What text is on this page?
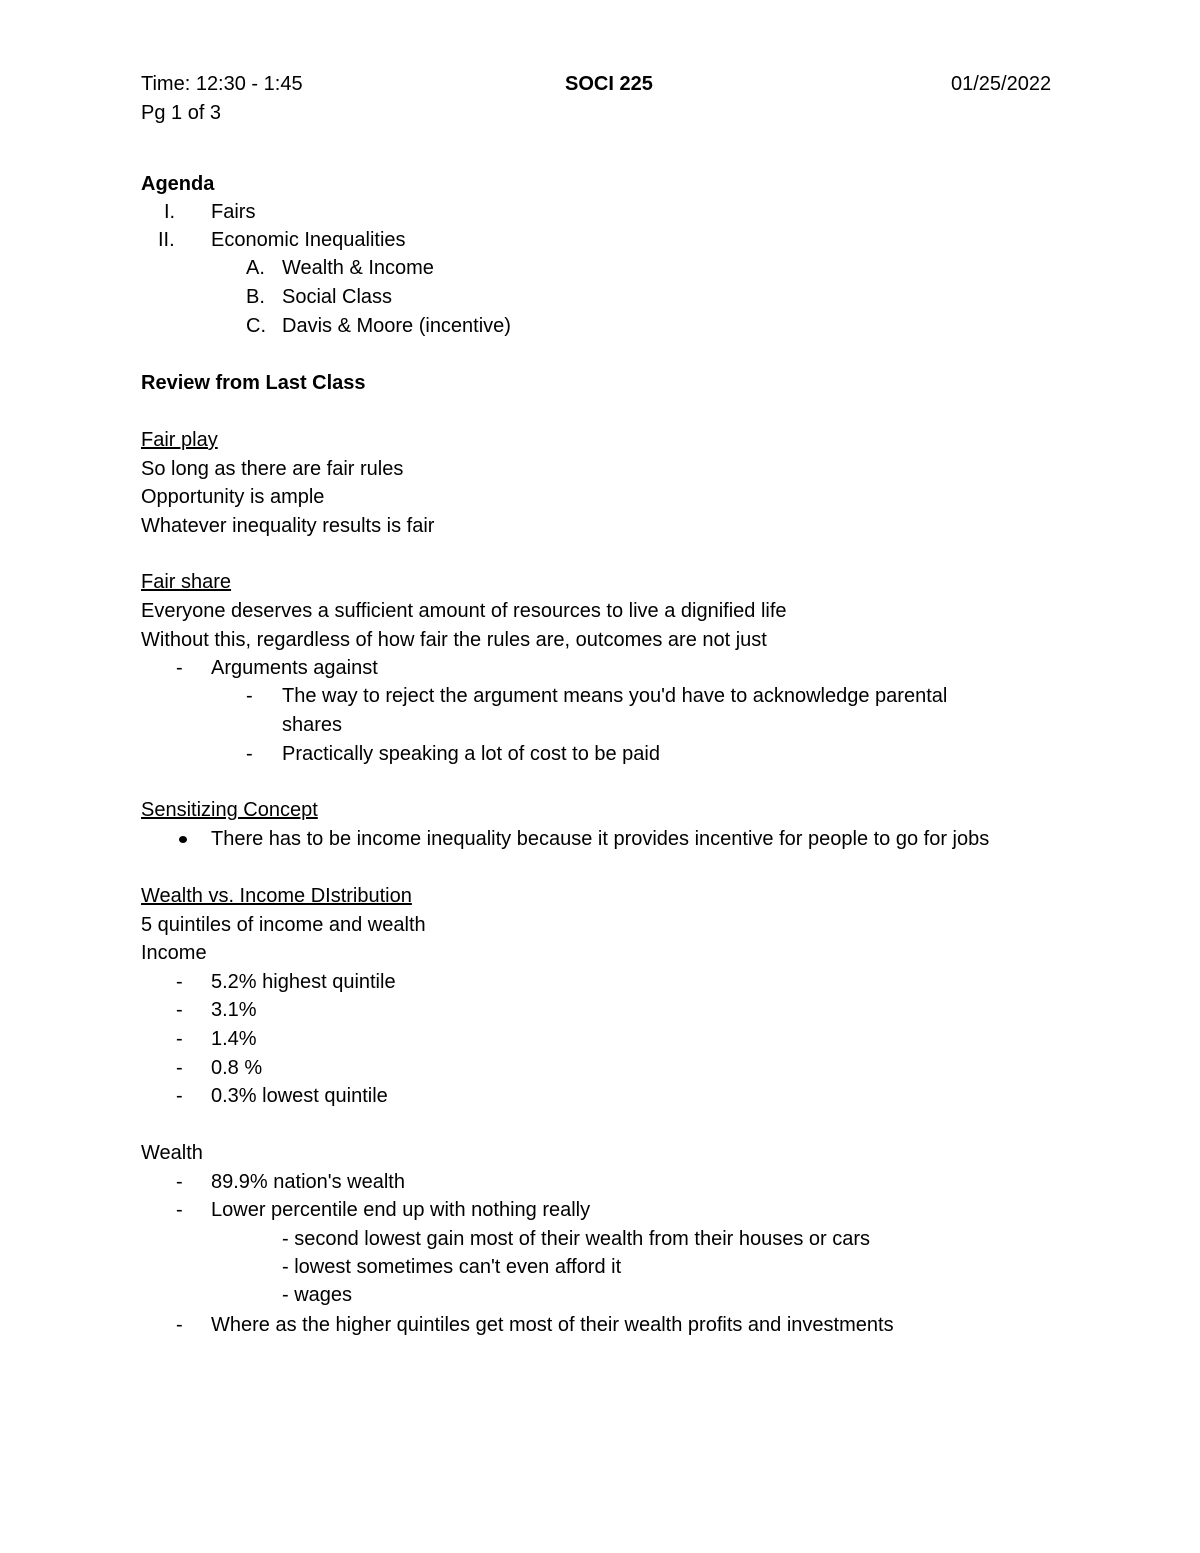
Time: 12:30 - 1:45	SOCI 225	01/25/2022
Pg 1 of 3
Agenda
I. Fairs
II. Economic Inequalities
A. Wealth & Income
B. Social Class
C. Davis & Moore (incentive)
Review from Last Class
Fair play
So long as there are fair rules
Opportunity is ample
Whatever inequality results is fair
Fair share
Everyone deserves a sufficient amount of resources to live a dignified life
Without this, regardless of how fair the rules are, outcomes are not just
- Arguments against
- The way to reject the argument means you'd have to acknowledge parental
shares
- Practically speaking a lot of cost to be paid
Sensitizing Concept
There has to be income inequality because it provides incentive for people to go for jobs
Wealth vs. Income DIstribution
5 quintiles of income and wealth
Income
- 5.2% highest quintile
- 3.1%
- 1.4%
- 0.8 %
- 0.3% lowest quintile
Wealth
- 89.9% nation's wealth
- Lower percentile end up with nothing really
- second lowest gain most of their wealth from their houses or cars
- lowest sometimes can't even afford it
- wages
- Where as the higher quintiles get most of their wealth profits and investments
